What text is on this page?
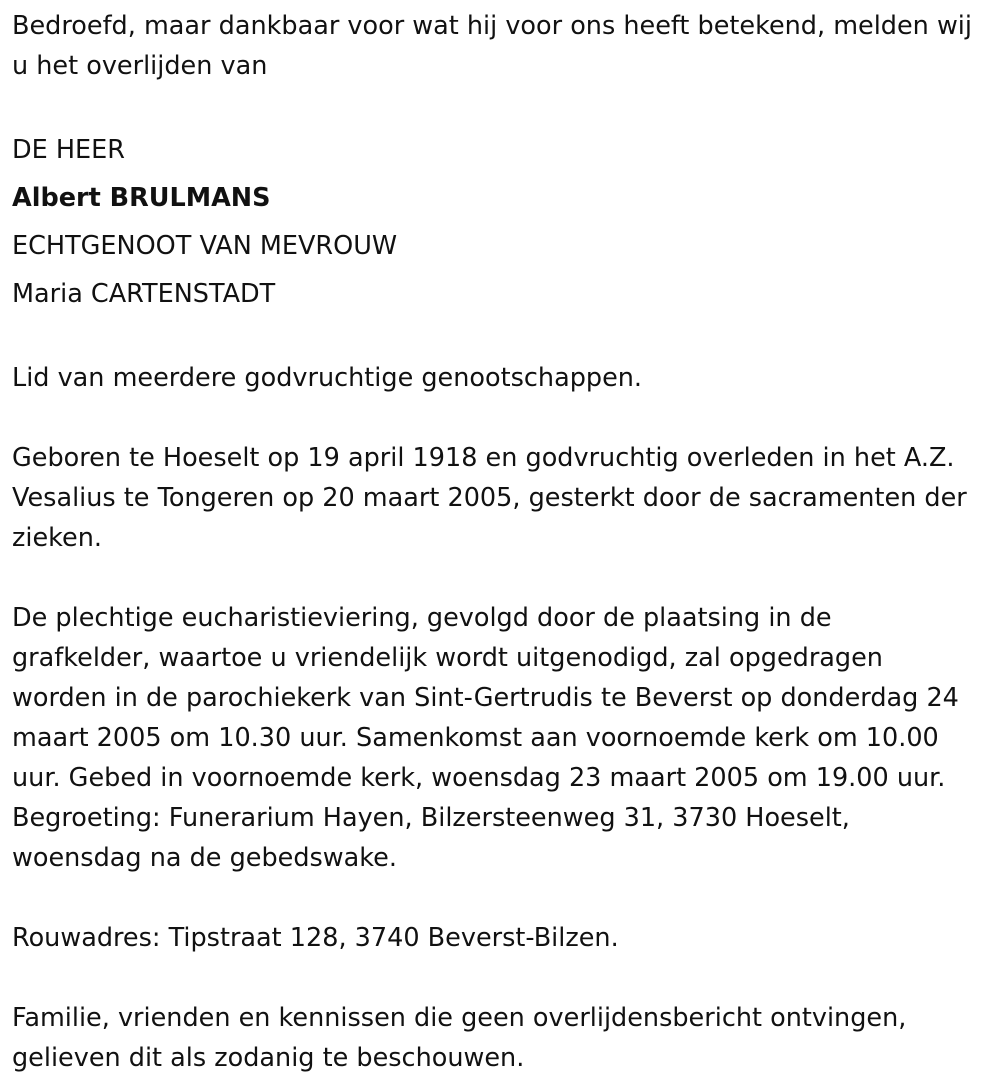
Bedroefd, maar dankbaar voor wat hij voor ons heeft betekend, melden wij u het overlijden van

DE HEER

Albert BRULMANS

ECHTGENOOT VAN MEVROUW

Maria CARTENSTADT

Lid van meerdere godvruchtige genootschappen.

Geboren te Hoeselt op 19 april 1918 en godvruchtig overleden in het A.Z. Vesalius te Tongeren op 20 maart 2005, gesterkt door de sacramenten der zieken.

De plechtige eucharistieviering, gevolgd door de plaatsing in de grafkelder, waartoe u vriendelijk wordt uitgenodigd, zal opgedragen worden in de parochiekerk van Sint-Gertrudis te Beverst op donderdag 24 maart 2005 om 10.30 uur. Samenkomst aan voornoemde kerk om 10.00 uur. Gebed in voornoemde kerk, woensdag 23 maart 2005 om 19.00 uur. Begroeting: Funerarium Hayen, Bilzersteenweg 31, 3730 Hoeselt, woensdag na de gebedswake.

Rouwadres: Tipstraat 128, 3740 Beverst-Bilzen.

Familie, vrienden en kennissen die geen overlijdensbericht ontvingen, gelieven dit als zodanig te beschouwen.
